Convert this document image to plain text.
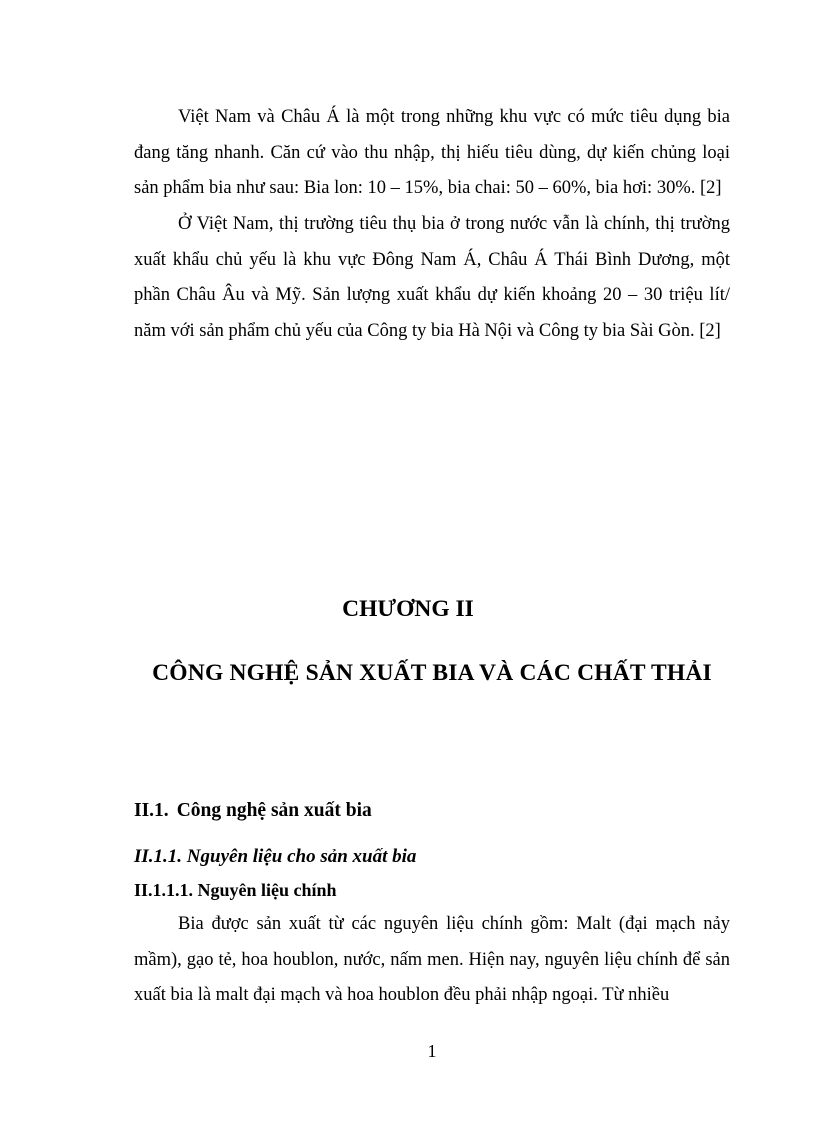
Việt Nam và Châu Á là một trong những khu vực có mức tiêu dụng bia đang tăng nhanh. Căn cứ vào thu nhập, thị hiếu tiêu dùng, dự kiến chủng loại sản phẩm bia như sau: Bia lon: 10 – 15%, bia chai: 50 – 60%, bia hơi: 30%. [2]

Ở Việt Nam, thị trường tiêu thụ bia ở trong nước vẫn là chính, thị trường xuất khẩu chủ yếu là khu vực Đông Nam Á, Châu Á Thái Bình Dương, một phần Châu Âu và Mỹ. Sản lượng xuất khẩu dự kiến khoảng 20 – 30 triệu lít/ năm với sản phẩm chủ yếu của Công ty bia Hà Nội và Công ty bia Sài Gòn. [2]

CHƯƠNG II
CÔNG NGHỆ SẢN XUẤT BIA VÀ CÁC CHẤT THẢI
II.1. Công nghệ sản xuất bia
II.1.1. Nguyên liệu cho sản xuất bia
II.1.1.1. Nguyên liệu chính

Bia được sản xuất từ các nguyên liệu chính gồm: Malt (đại mạch nảy mầm), gạo tẻ, hoa houblon, nước, nấm men. Hiện nay, nguyên liệu chính để sản xuất bia là malt đại mạch và hoa houblon đều phải nhập ngoại. Từ nhiều

1
